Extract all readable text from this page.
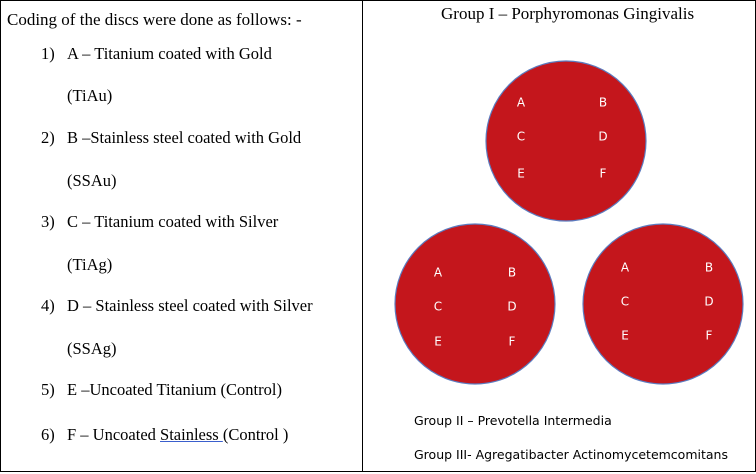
Coding of the discs were done as follows: -
1) A – Titanium coated with Gold
(TiAu)
2) B –Stainless steel coated with Gold
(SSAu)
3) C – Titanium coated with Silver
(TiAg)
4) D – Stainless steel coated with Silver
(SSAg)
5) E –Uncoated Titanium (Control)
6) F – Uncoated Stainless (Control )
Group I – Porphyromonas Gingivalis
A	B
C	D
E	F
A	B
C	D
E	F
A	B
C	D
E	F
Group II – Prevotella Intermedia
Group III- Agregatibacter Actinomycetemcomitans
